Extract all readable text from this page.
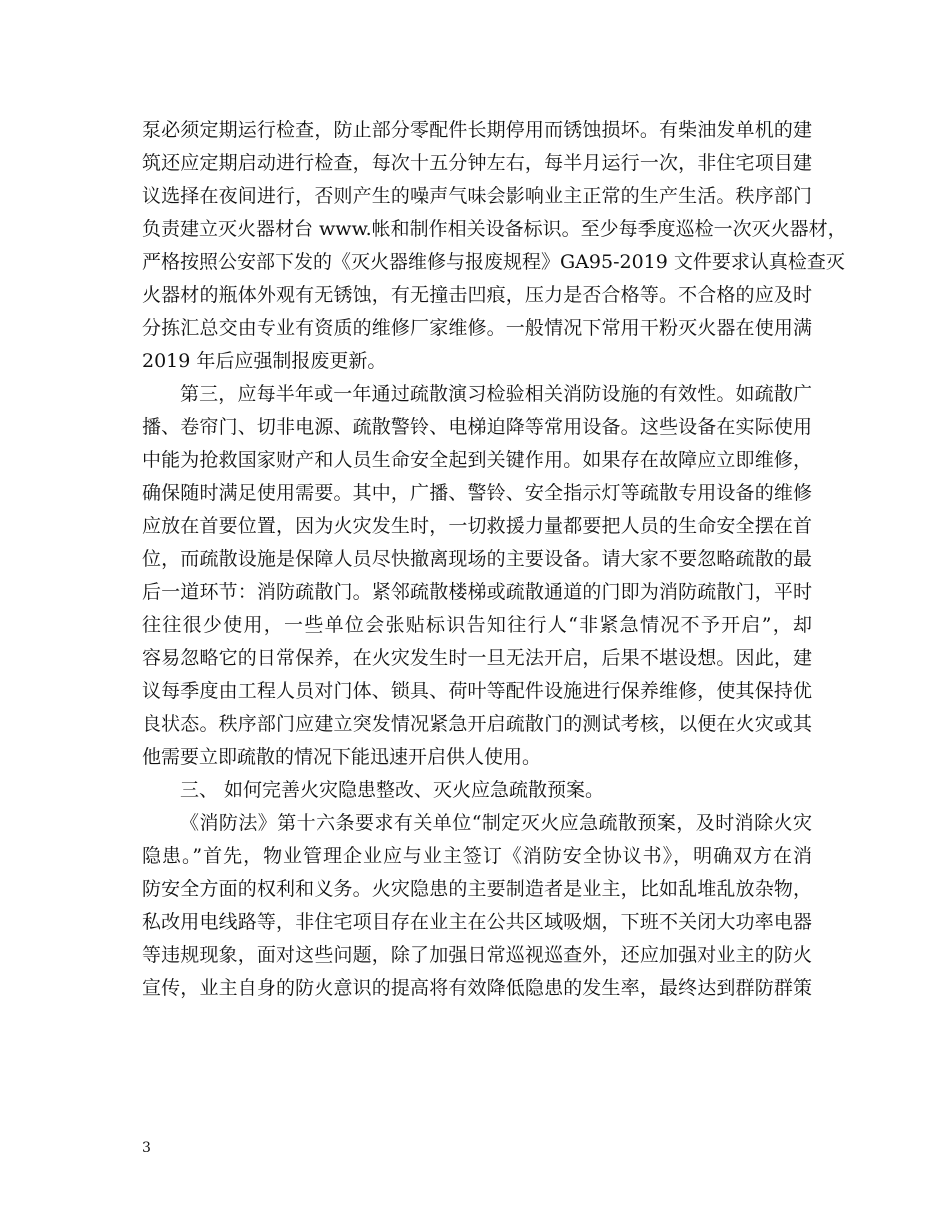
泵必须定期运行检查，防止部分零配件长期停用而锈蚀损坏。有柴油发单机的建
筑还应定期启动进行检查，每次十五分钟左右，每半月运行一次，非住宅项目建
议选择在夜间进行，否则产生的噪声气味会影响业主正常的生产生活。秩序部门
负责建立灭火器材台 www.帐和制作相关设备标识。至少每季度巡检一次灭火器材，
严格按照公安部下发的《灭火器维修与报废规程》GA95-2019 文件要求认真检查灭
火器材的瓶体外观有无锈蚀，有无撞击凹痕，压力是否合格等。不合格的应及时
分拣汇总交由专业有资质的维修厂家维修。一般情况下常用干粉灭火器在使用满
2019 年后应强制报废更新。
第三，应每半年或一年通过疏散演习检验相关消防设施的有效性。如疏散广
播、卷帘门、切非电源、疏散警铃、电梯迫降等常用设备。这些设备在实际使用
中能为抢救国家财产和人员生命安全起到关键作用。如果存在故障应立即维修，
确保随时满足使用需要。其中，广播、警铃、安全指示灯等疏散专用设备的维修
应放在首要位置，因为火灾发生时，一切救援力量都要把人员的生命安全摆在首
位，而疏散设施是保障人员尽快撤离现场的主要设备。请大家不要忽略疏散的最
后一道环节：消防疏散门。紧邻疏散楼梯或疏散通道的门即为消防疏散门，平时
往往很少使用，一些单位会张贴标识告知往行人“非紧急情况不予开启”，却
容易忽略它的日常保养，在火灾发生时一旦无法开启，后果不堪设想。因此，建
议每季度由工程人员对门体、锁具、荷叶等配件设施进行保养维修，使其保持优
良状态。秩序部门应建立突发情况紧急开启疏散门的测试考核，以便在火灾或其
他需要立即疏散的情况下能迅速开启供人使用。
三、 如何完善火灾隐患整改、灭火应急疏散预案。
《消防法》第十六条要求有关单位“制定灭火应急疏散预案，及时消除火灾
隐患。”首先，物业管理企业应与业主签订《消防安全协议书》，明确双方在消
防安全方面的权利和义务。火灾隐患的主要制造者是业主，比如乱堆乱放杂物，
私改用电线路等，非住宅项目存在业主在公共区域吸烟，下班不关闭大功率电器
等违规现象，面对这些问题，除了加强日常巡视巡查外，还应加强对业主的防火
宣传，业主自身的防火意识的提高将有效降低隐患的发生率，最终达到群防群策
3
